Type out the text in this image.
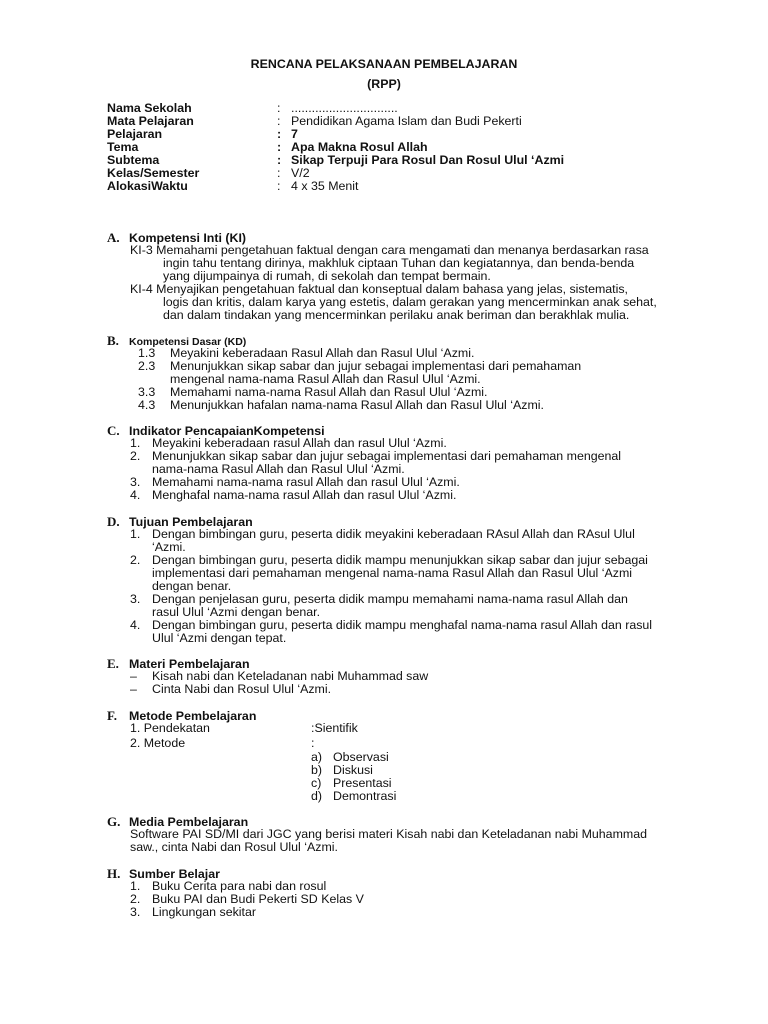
RENCANA PELAKSANAAN PEMBELAJARAN
(RPP)
Nama Sekolah	: ...............................
Mata Pelajaran	: Pendidikan Agama Islam dan Budi Pekerti
Pelajaran	: 7
Tema	: Apa Makna Rosul Allah
Subtema	: Sikap Terpuji Para Rosul Dan Rosul Ulul ‘Azmi
Kelas/Semester	: V/2
AlokasiWaktu	: 4 x 35 Menit
A. Kompetensi Inti (KI)
KI-3 Memahami pengetahuan faktual dengan cara mengamati dan menanya berdasarkan rasa
ingin tahu tentang dirinya, makhluk ciptaan Tuhan dan kegiatannya, dan benda-benda
yang dijumpainya di rumah, di sekolah dan tempat bermain.
KI-4 Menyajikan pengetahuan faktual dan konseptual dalam bahasa yang jelas, sistematis,
logis dan kritis, dalam karya yang estetis, dalam gerakan yang mencerminkan anak sehat,
dan dalam tindakan yang mencerminkan perilaku anak beriman dan berakhlak mulia.
B. Kompetensi Dasar (KD)
1.3 Meyakini keberadaan Rasul Allah dan Rasul Ulul ‘Azmi.
2.3 Menunjukkan sikap sabar dan jujur sebagai implementasi dari pemahaman
mengenal nama-nama Rasul Allah dan Rasul Ulul ‘Azmi.
3.3 Memahami nama-nama Rasul Allah dan Rasul Ulul ‘Azmi.
4.3 Menunjukkan hafalan nama-nama Rasul Allah dan Rasul Ulul ‘Azmi.
C. Indikator PencapaianKompetensi
1. Meyakini keberadaan rasul Allah dan rasul Ulul ‘Azmi.
2. Menunjukkan sikap sabar dan jujur sebagai implementasi dari pemahaman mengenal
nama-nama Rasul Allah dan Rasul Ulul ‘Azmi.
3. Memahami nama-nama rasul Allah dan rasul Ulul ‘Azmi.
4. Menghafal nama-nama rasul Allah dan rasul Ulul ‘Azmi.
D. Tujuan Pembelajaran
1. Dengan bimbingan guru, peserta didik meyakini keberadaan RAsul Allah dan RAsul Ulul
‘Azmi.
2. Dengan bimbingan guru, peserta didik mampu menunjukkan sikap sabar dan jujur sebagai
implementasi dari pemahaman mengenal nama-nama Rasul Allah dan Rasul Ulul ‘Azmi
dengan benar.
3. Dengan penjelasan guru, peserta didik mampu memahami nama-nama rasul Allah dan
rasul Ulul ‘Azmi dengan benar.
4. Dengan bimbingan guru, peserta didik mampu menghafal nama-nama rasul Allah dan rasul
Ulul ‘Azmi dengan tepat.
E. Materi Pembelajaran
– Kisah nabi dan Keteladanan nabi Muhammad saw
– Cinta Nabi dan Rosul Ulul ‘Azmi.
F. Metode Pembelajaran
1. Pendekatan	:Sientifik
2. Metode	:
a) Observasi
b) Diskusi
c) Presentasi
d) Demontrasi
G. Media Pembelajaran
Software PAI SD/MI dari JGC yang berisi materi Kisah nabi dan Keteladanan nabi Muhammad
saw., cinta Nabi dan Rosul Ulul ‘Azmi.
H. Sumber Belajar
1. Buku Cerita para nabi dan rosul
2. Buku PAI dan Budi Pekerti SD Kelas V
3. Lingkungan sekitar
